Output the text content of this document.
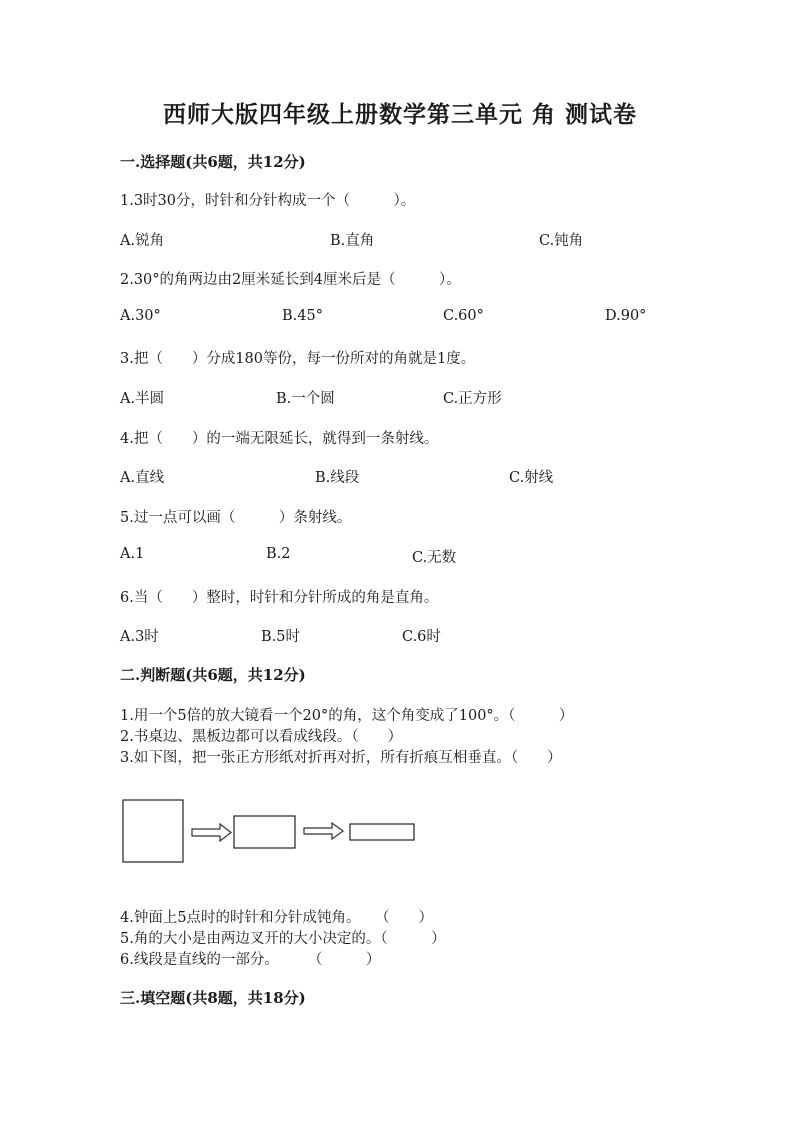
西师大版四年级上册数学第三单元 角 测试卷
一.选择题(共6题，共12分)
1.3时30分，时针和分针构成一个（　　　）。
A.锐角	B.直角	C.钝角
2.30°的角两边由2厘米延长到4厘米后是（　　　）。
A.30°	B.45°	C.60°	D.90°
3.把（　　）分成180等份，每一份所对的角就是1度。
A.半圆	B.一个圆	C.正方形
4.把（　　）的一端无限延长，就得到一条射线。
A.直线	B.线段	C.射线
5.过一点可以画（　　　）条射线。
A.1	B.2	C.无数
6.当（　　）整时，时针和分针所成的角是直角。
A.3时	B.5时	C.6时
二.判断题(共6题，共12分)
1.用一个5倍的放大镜看一个20°的角，这个角变成了100°。（　　　）
2.书桌边、黑板边都可以看成线段。（　　）
3.如下图，把一张正方形纸对折再对折，所有折痕互相垂直。（　　）
4.钟面上5点时的时针和分针成钝角。　　（　　）
5.角的大小是由两边叉开的大小决定的。（　　　）
6.线段是直线的一部分。　　　（　　　）
三.填空题(共8题，共18分)
